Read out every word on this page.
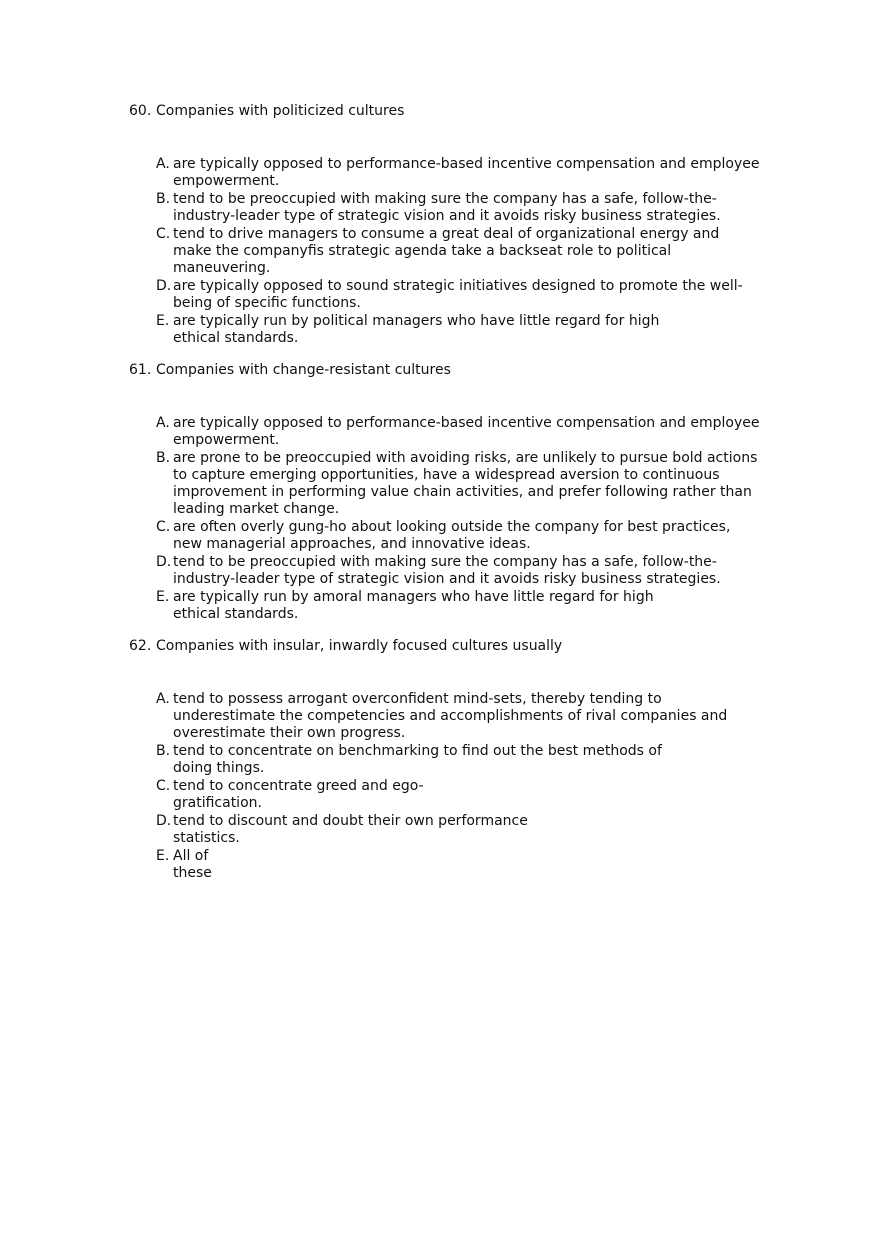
60. Companies with politicized cultures
A. are typically opposed to performance-based incentive compensation and employee
empowerment.
B. tend to be preoccupied with making sure the company has a safe, follow-the-
industry-leader type of strategic vision and it avoids risky business strategies.
C. tend to drive managers to consume a great deal of organizational energy and
make the companyfis strategic agenda take a backseat role to political
maneuvering.
D. are typically opposed to sound strategic initiatives designed to promote the well-
being of specific functions.
E. are typically run by political managers who have little regard for high
ethical standards.
61. Companies with change-resistant cultures
A. are typically opposed to performance-based incentive compensation and employee
empowerment.
B. are prone to be preoccupied with avoiding risks, are unlikely to pursue bold actions
to capture emerging opportunities, have a widespread aversion to continuous
improvement in performing value chain activities, and prefer following rather than
leading market change.
C. are often overly gung-ho about looking outside the company for best practices,
new managerial approaches, and innovative ideas.
D. tend to be preoccupied with making sure the company has a safe, follow-the-
industry-leader type of strategic vision and it avoids risky business strategies.
E. are typically run by amoral managers who have little regard for high
ethical standards.
62. Companies with insular, inwardly focused cultures usually
A. tend to possess arrogant overconfident mind-sets, thereby tending to
underestimate the competencies and accomplishments of rival companies and
overestimate their own progress.
B. tend to concentrate on benchmarking to find out the best methods of
doing things.
C. tend to concentrate greed and ego-
gratification.
D. tend to discount and doubt their own performance
statistics.
E. All of
these
